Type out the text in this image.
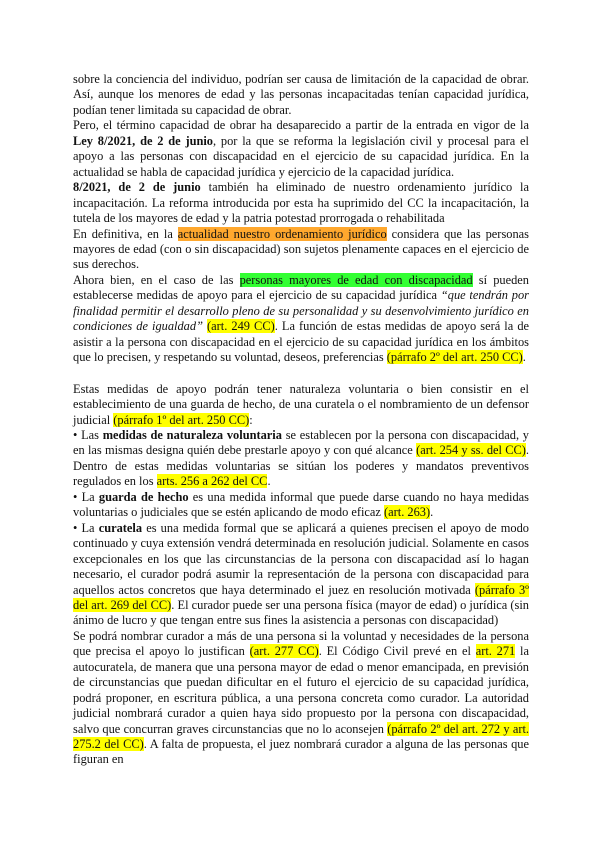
sobre la conciencia del individuo, podrían ser causa de limitación de la capacidad de obrar. Así, aunque los menores de edad y las personas incapacitadas tenían capacidad jurídica, podían tener limitada su capacidad de obrar.

Pero, el término capacidad de obrar ha desaparecido a partir de la entrada en vigor de la Ley 8/2021, de 2 de junio, por la que se reforma la legislación civil y procesal para el apoyo a las personas con discapacidad en el ejercicio de su capacidad jurídica. En la actualidad se habla de capacidad jurídica y ejercicio de la capacidad jurídica.

8/2021, de 2 de junio también ha eliminado de nuestro ordenamiento jurídico la incapacitación. La reforma introducida por esta ha suprimido del CC la incapacitación, la tutela de los mayores de edad y la patria potestad prorrogada o rehabilitada

En definitiva, en la actualidad nuestro ordenamiento jurídico considera que las personas mayores de edad (con o sin discapacidad) son sujetos plenamente capaces en el ejercicio de sus derechos.

Ahora bien, en el caso de las personas mayores de edad con discapacidad sí pueden establecerse medidas de apoyo para el ejercicio de su capacidad jurídica “que tendrán por finalidad permitir el desarrollo pleno de su personalidad y su desenvolvimiento jurídico en condiciones de igualdad” (art. 249 CC). La función de estas medidas de apoyo será la de asistir a la persona con discapacidad en el ejercicio de su capacidad jurídica en los ámbitos que lo precisen, y respetando su voluntad, deseos, preferencias (párrafo 2º del art. 250 CC).

Estas medidas de apoyo podrán tener naturaleza voluntaria o bien consistir en el establecimiento de una guarda de hecho, de una curatela o el nombramiento de un defensor judicial (párrafo 1º del art. 250 CC):

• Las medidas de naturaleza voluntaria se establecen por la persona con discapacidad, y en las mismas designa quién debe prestarle apoyo y con qué alcance (art. 254 y ss. del CC). Dentro de estas medidas voluntarias se sitúan los poderes y mandatos preventivos regulados en los arts. 256 a 262 del CC.

• La guarda de hecho es una medida informal que puede darse cuando no haya medidas voluntarias o judiciales que se estén aplicando de modo eficaz (art. 263).

• La curatela es una medida formal que se aplicará a quienes precisen el apoyo de modo continuado y cuya extensión vendrá determinada en resolución judicial. Solamente en casos excepcionales en los que las circunstancias de la persona con discapacidad así lo hagan necesario, el curador podrá asumir la representación de la persona con discapacidad para aquellos actos concretos que haya determinado el juez en resolución motivada (párrafo 3º del art. 269 del CC). El curador puede ser una persona física (mayor de edad) o jurídica (sin ánimo de lucro y que tengan entre sus fines la asistencia a personas con discapacidad)

Se podrá nombrar curador a más de una persona si la voluntad y necesidades de la persona que precisa el apoyo lo justifican (art. 277 CC). El Código Civil prevé en el art. 271 la autocuratela, de manera que una persona mayor de edad o menor emancipada, en previsión de circunstancias que puedan dificultar en el futuro el ejercicio de su capacidad jurídica, podrá proponer, en escritura pública, a una persona concreta como curador. La autoridad judicial nombrará curador a quien haya sido propuesto por la persona con discapacidad, salvo que concurran graves circunstancias que no lo aconsejen (párrafo 2º del art. 272 y art. 275.2 del CC). A falta de propuesta, el juez nombrará curador a alguna de las personas que figuran en
